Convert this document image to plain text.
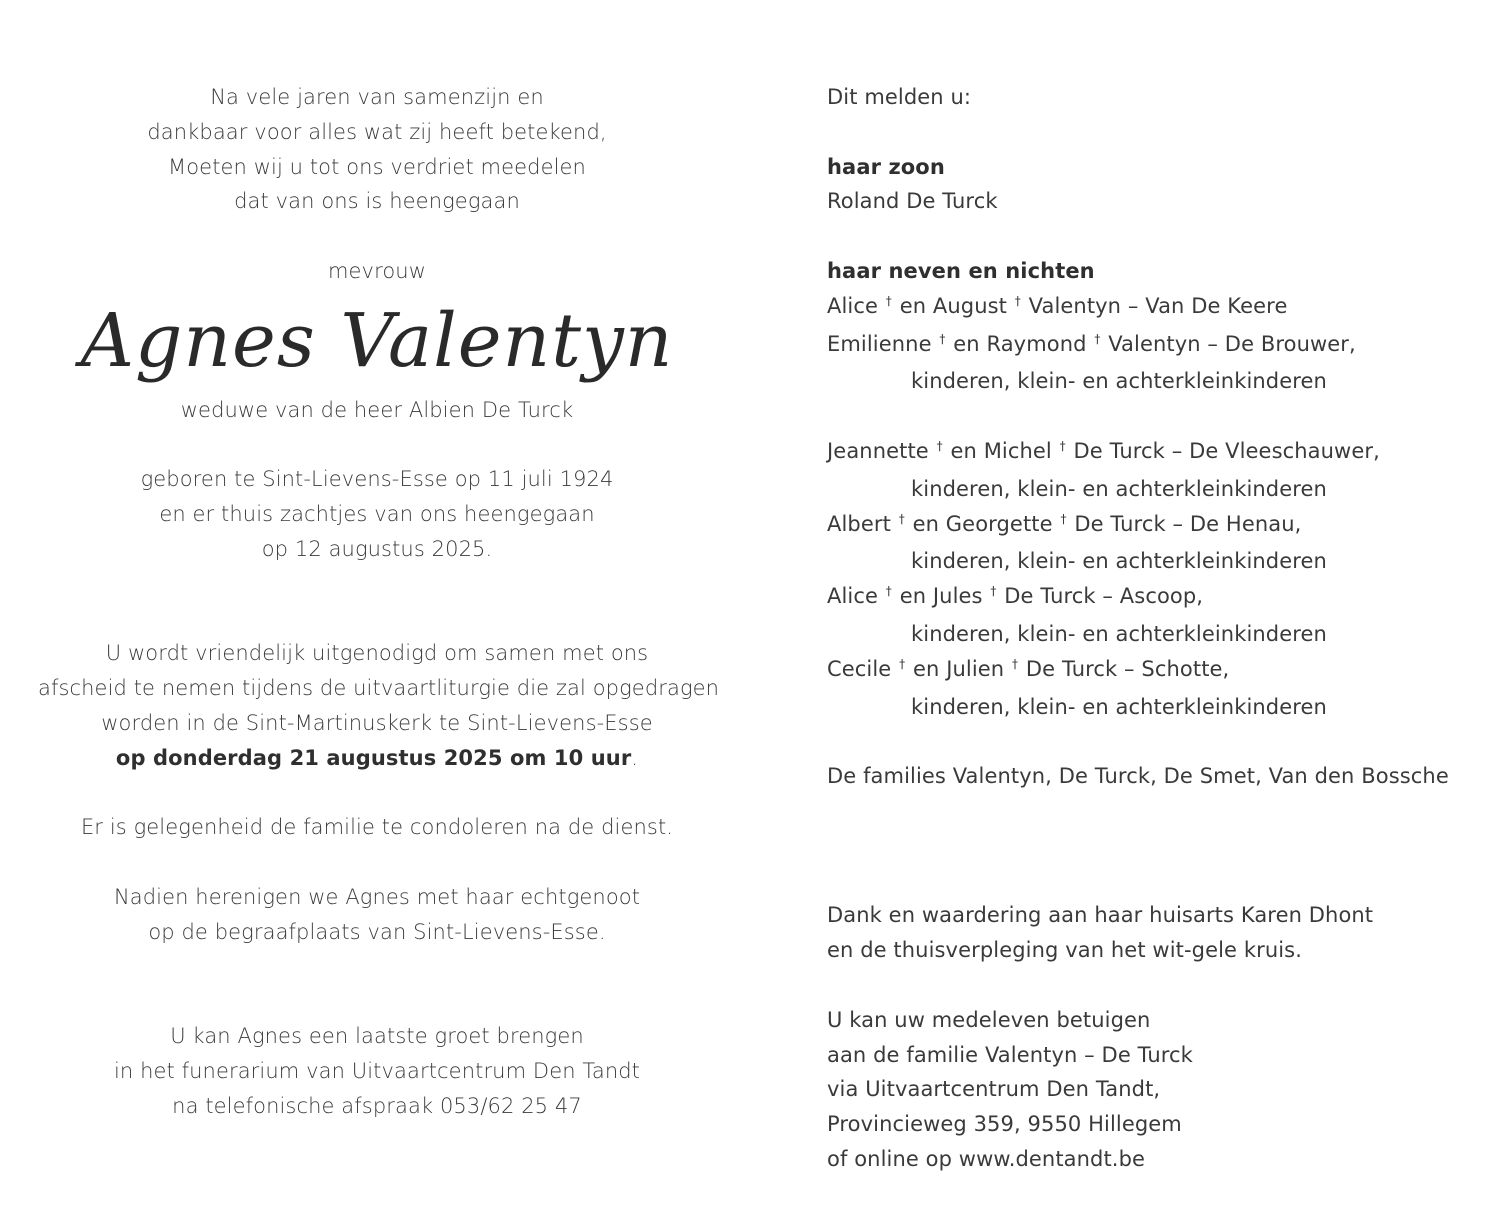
Na vele jaren van samenzijn en
dankbaar voor alles wat zij heeft betekend,
Moeten wij u tot ons verdriet meedelen
dat van ons is heengegaan
mevrouw
Agnes Valentyn
weduwe van de heer Albien De Turck
geboren te Sint-Lievens-Esse op 11 juli 1924
en er thuis zachtjes van ons heengegaan
op 12 augustus 2025.
U wordt vriendelijk uitgenodigd om samen met ons
afscheid te nemen tijdens de uitvaartliturgie die zal opgedragen
worden in de Sint-Martinuskerk te Sint-Lievens-Esse
op donderdag 21 augustus 2025 om 10 uur.
Er is gelegenheid de familie te condoleren na de dienst.
Nadien herenigen we Agnes met haar echtgenoot
op de begraafplaats van Sint-Lievens-Esse.
U kan Agnes een laatste groet brengen
in het funerarium van Uitvaartcentrum Den Tandt
na telefonische afspraak 053/62 25 47
Dit melden u:
haar zoon
Roland De Turck
haar neven en nichten
Alice † en August † Valentyn – Van De Keere
Emilienne † en Raymond † Valentyn – De Brouwer,
kinderen, klein- en achterkleinkinderen
Jeannette † en Michel † De Turck – De Vleeschauwer,
kinderen, klein- en achterkleinkinderen
Albert † en Georgette † De Turck – De Henau,
kinderen, klein- en achterkleinkinderen
Alice † en Jules † De Turck – Ascoop,
kinderen, klein- en achterkleinkinderen
Cecile † en Julien † De Turck – Schotte,
kinderen, klein- en achterkleinkinderen
De families Valentyn, De Turck, De Smet, Van den Bossche
Dank en waardering aan haar huisarts Karen Dhont
en de thuisverpleging van het wit-gele kruis.
U kan uw medeleven betuigen
aan de familie Valentyn – De Turck
via Uitvaartcentrum Den Tandt,
Provincieweg 359, 9550 Hillegem
of online op www.dentandt.be
